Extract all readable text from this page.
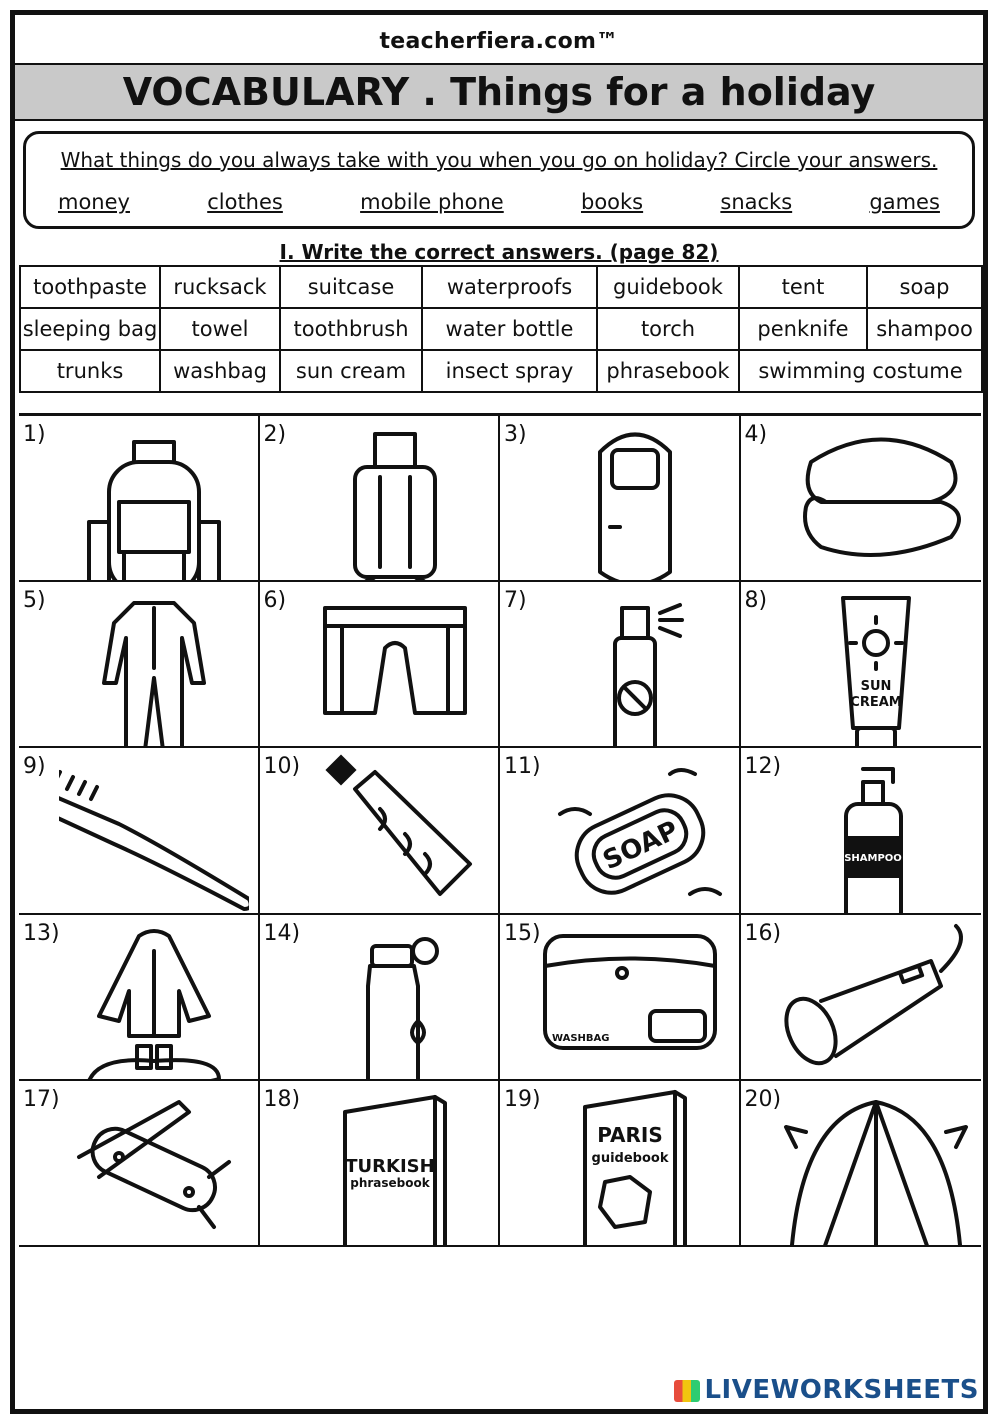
teacherfiera.com™
VOCABULARY . Things for a holiday
What things do you always take with you when you go on holiday? Circle your answers.
money	clothes	mobile phone	books	snacks	games
I. Write the correct answers. (page 82)
toothpaste	rucksack	suitcase	waterproofs	guidebook	tent	soap
sleeping bag	towel	toothbrush	water bottle	torch	penknife	shampoo
trunks	washbag	sun cream	insect spray	phrasebook	swimming costume	
1)	2)	3)	4)
5)	6)	7)	8)
SUN
CREAM
9)	10)	11)
SOAP
12)
SHAMPOO
13)	14)	15)
WASHBAG
16)
17)	18)
TURKISH
phrasebook
19)
PARIS
guidebook
20)
LIVEWORKSHEETS
